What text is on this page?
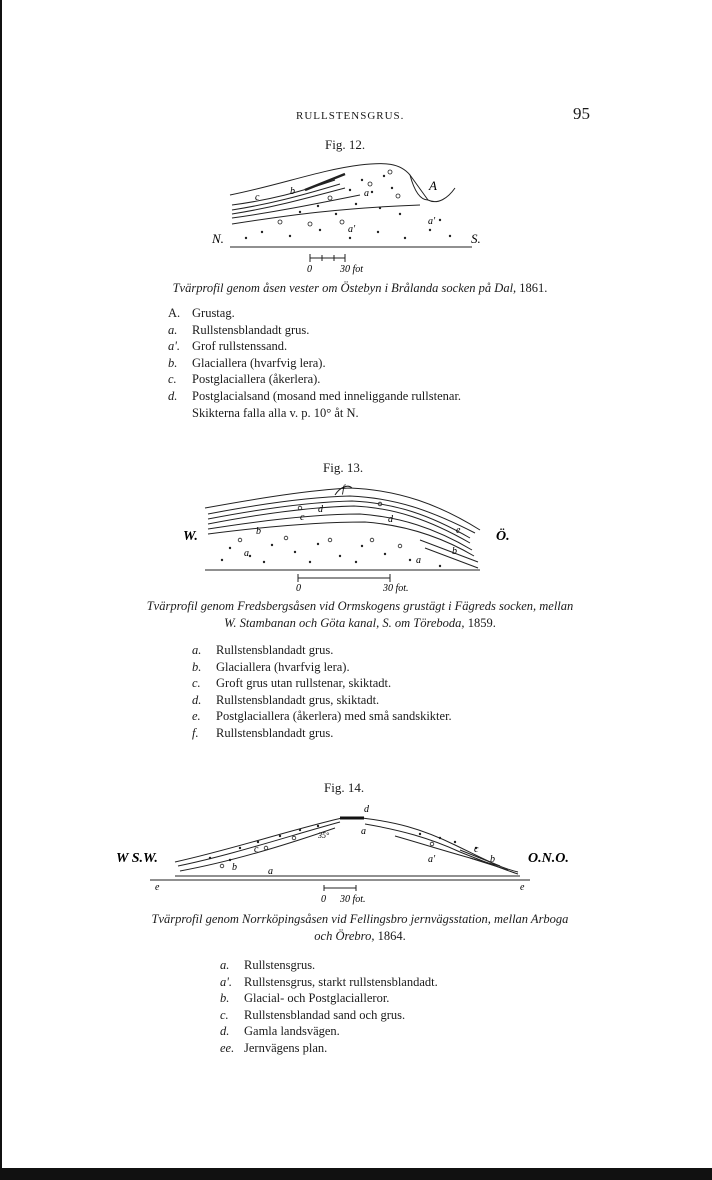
RULLSTENSGRUS.	95
Fig. 12.
A
a
a'
a'
b
c
N.	S.
0	30 fot
Tvärprofil genom åsen vester om Östebyn i Brålanda socken på Dal, 1861.
A. Grustag.
a.	Rullstensblandadt grus.
a'. Grof rullstenssand.
b.	Glaciallera (hvarfvig lera).
c.	Postglaciallera (åkerlera).
d.	Postglacialsand (mosand med inneliggande rullstenar.
Skikterna falla alla v. p. 10° åt N.
Fig. 13.
f
c
d
d
e
b
b
a
a
W.	Ö.
0	30 fot.
Tvärprofil genom Fredsbergsåsen vid Ormskogens grustägt i Fägreds socken, mellan
W. Stambanan och Göta kanal, S. om Töreboda, 1859.
a.	Rullstensblandadt grus.
b.	Glaciallera (hvarfvig lera).
c.	Groft grus utan rullstenar, skiktadt.
d.	Rullstensblandadt grus, skiktadt.
e.	Postglaciallera (åkerlera) med små sandskikter.
f.	Rullstensblandadt grus.
Fig. 14.
d
a
a
a'
c	c
b
b
35°
e	e
W S.W.	O.N.O.
0 30 fot.
Tvärprofil genom Norrköpingsåsen vid Fellingsbro jernvägsstation, mellan Arboga
och Örebro, 1864.
a.	Rullstensgrus.
a'. Rullstensgrus, starkt rullstensblandadt.
b.	Glacial- och Postglacialleror.
c.	Rullstensblandad sand och grus.
d.	Gamla landsvägen.
ee. Jernvägens plan.
